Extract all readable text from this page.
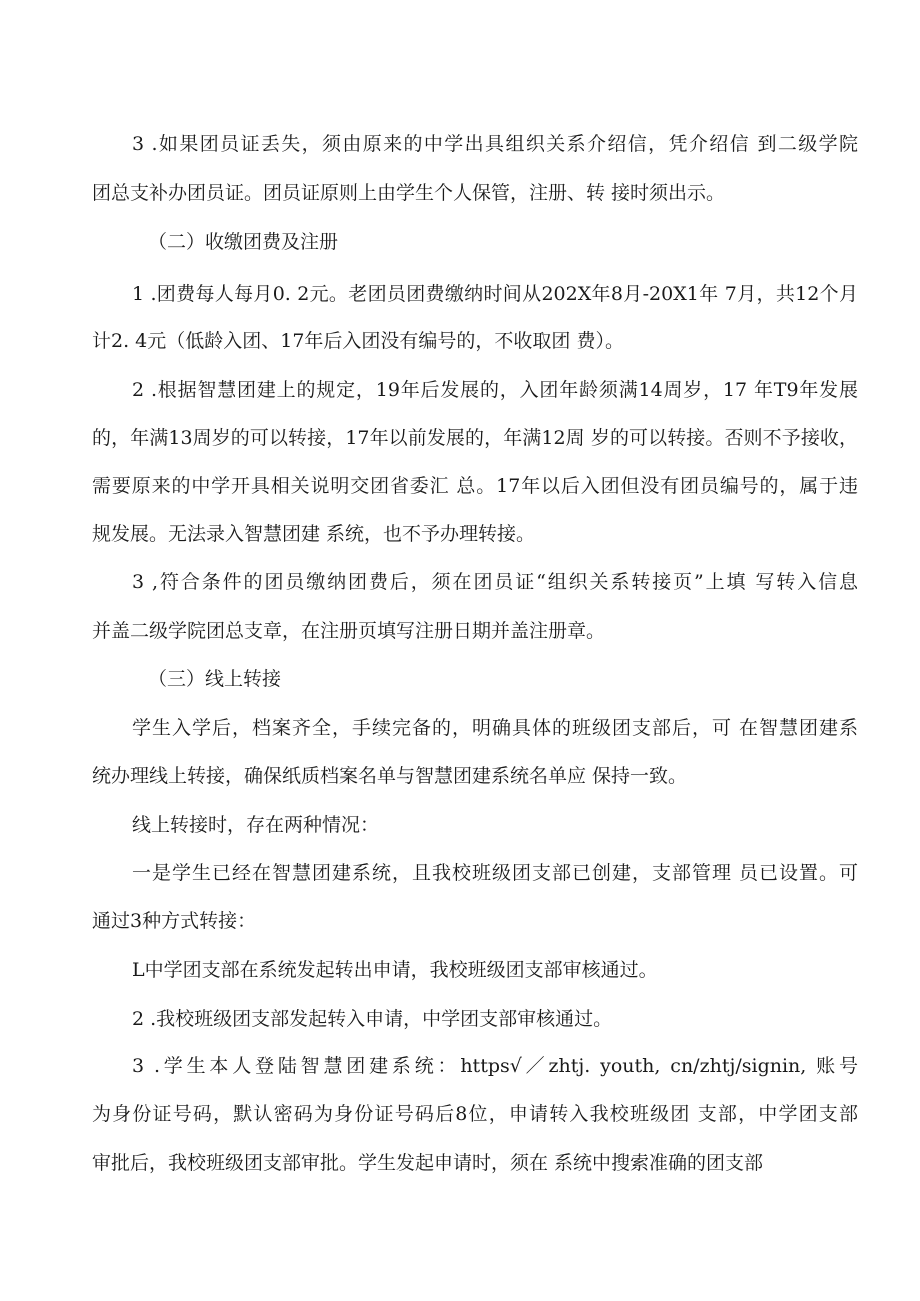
3 .如果团员证丢失，须由原来的中学出具组织关系介绍信，凭介绍信 到二级学院
团总支补办团员证。团员证原则上由学生个人保管，注册、转 接时须出示。
（二）收缴团费及注册
1 .团费每人每月0. 2元。老团员团费缴纳时间从202X年8月-20X1年 7月，共12个月
计2. 4元（低龄入团、17年后入团没有编号的，不收取团 费）。
2 .根据智慧团建上的规定，19年后发展的，入团年龄须满14周岁，17 年T9年发展
的，年满13周岁的可以转接，17年以前发展的，年满12周 岁的可以转接。否则不予接收，
需要原来的中学开具相关说明交团省委汇 总。17年以后入团但没有团员编号的，属于违
规发展。无法录入智慧团建 系统，也不予办理转接。
3 ,符合条件的团员缴纳团费后，须在团员证“组织关系转接页”上填 写转入信息
并盖二级学院团总支章，在注册页填写注册日期并盖注册章。
（三）线上转接
学生入学后，档案齐全，手续完备的，明确具体的班级团支部后，可 在智慧团建系
统办理线上转接，确保纸质档案名单与智慧团建系统名单应 保持一致。
线上转接时，存在两种情况：
一是学生已经在智慧团建系统，且我校班级团支部已创建，支部管理 员已设置。可
通过3种方式转接：
L中学团支部在系统发起转出申请，我校班级团支部审核通过。
2 .我校班级团支部发起转入申请，中学团支部审核通过。
3 .学生本人登陆智慧团建系统：https√／zhtj. youth, cn/zhtj/signin, 账号
为身份证号码，默认密码为身份证号码后8位，申请转入我校班级团 支部，中学团支部
审批后，我校班级团支部审批。学生发起申请时，须在 系统中搜索准确的团支部
